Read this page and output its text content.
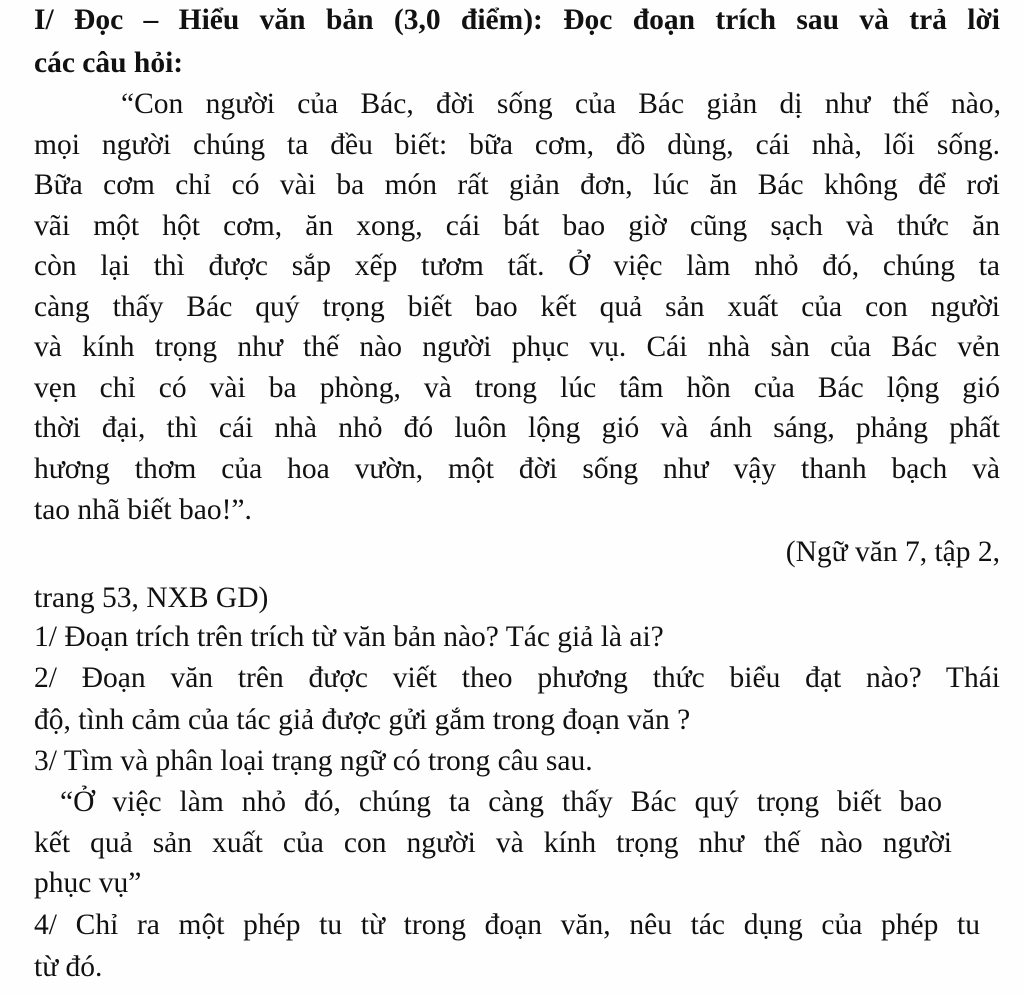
I/ Đọc – Hiểu văn bản (3,0 điểm): Đọc đoạn trích sau và trả lời
các câu hỏi:
“Con người của Bác, đời sống của Bác giản dị như thế nào,
mọi người chúng ta đều biết: bữa cơm, đồ dùng, cái nhà, lối sống.
Bữa cơm chỉ có vài ba món rất giản đơn, lúc ăn Bác không để rơi
vãi một hột cơm, ăn xong, cái bát bao giờ cũng sạch và thức ăn
còn lại thì được sắp xếp tươm tất. Ở việc làm nhỏ đó, chúng ta
càng thấy Bác quý trọng biết bao kết quả sản xuất của con người
và kính trọng như thế nào người phục vụ. Cái nhà sàn của Bác vẻn
vẹn chỉ có vài ba phòng, và trong lúc tâm hồn của Bác lộng gió
thời đại, thì cái nhà nhỏ đó luôn lộng gió và ánh sáng, phảng phất
hương thơm của hoa vườn, một đời sống như vậy thanh bạch và
tao nhã biết bao!”.
(Ngữ văn 7, tập 2,
trang 53, NXB GD)
1/ Đoạn trích trên trích từ văn bản nào? Tác giả là ai?
2/ Đoạn văn trên được viết theo phương thức biểu đạt nào? Thái
độ, tình cảm của tác giả được gửi gắm trong đoạn văn ?
3/ Tìm và phân loại trạng ngữ có trong câu sau.
“Ở việc làm nhỏ đó, chúng ta càng thấy Bác quý trọng biết bao
kết quả sản xuất của con người và kính trọng như thế nào người
phục vụ”
4/ Chỉ ra một phép tu từ trong đoạn văn, nêu tác dụng của phép tu
từ đó.
